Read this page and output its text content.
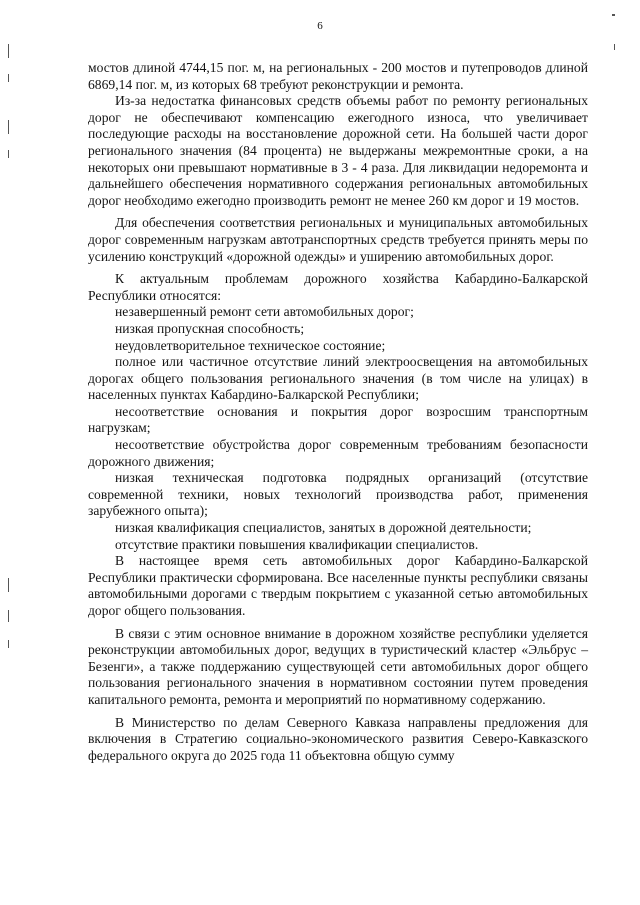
6

мостов длиной 4744,15 пог. м, на региональных - 200 мостов и путепроводов длиной 6869,14 пог. м, из которых 68 требуют реконструкции и ремонта.

Из-за недостатка финансовых средств объемы работ по ремонту региональных дорог не обеспечивают компенсацию ежегодного износа, что увеличивает последующие расходы на восстановление дорожной сети. На большей части дорог регионального значения (84 процента) не выдержаны межремонтные сроки, а на некоторых они превышают нормативные в 3 - 4 раза. Для ликвидации недоремонта и дальнейшего обеспечения нормативного содержания региональных автомобильных дорог необходимо ежегодно производить ремонт не менее 260 км дорог и 19 мостов.

Для обеспечения соответствия региональных и муниципальных автомобильных дорог современным нагрузкам автотранспортных средств требуется принять меры по усилению конструкций «дорожной одежды» и уширению автомобильных дорог.

К актуальным проблемам дорожного хозяйства Кабардино-Балкарской Республики относятся:

незавершенный ремонт сети автомобильных дорог;

низкая пропускная способность;

неудовлетворительное техническое состояние;

полное или частичное отсутствие линий электроосвещения на автомобильных дорогах общего пользования регионального значения (в том числе на улицах) в населенных пунктах Кабардино-Балкарской Республики;

несоответствие основания и покрытия дорог возросшим транспортным нагрузкам;

несоответствие обустройства дорог современным требованиям безопасности дорожного движения;

низкая техническая подготовка подрядных организаций (отсутствие современной техники, новых технологий производства работ, применения зарубежного опыта);

низкая квалификация специалистов, занятых в дорожной деятельности;

отсутствие практики повышения квалификации специалистов.

В настоящее время сеть автомобильных дорог Кабардино-Балкарской Республики практически сформирована. Все населенные пункты республики связаны автомобильными дорогами с твердым покрытием с указанной сетью автомобильных дорог общего пользования.

В связи с этим основное внимание в дорожном хозяйстве республики уделяется реконструкции автомобильных дорог, ведущих в туристический кластер «Эльбрус – Безенги», а также поддержанию существующей сети автомобильных дорог общего пользования регионального значения в нормативном состоянии путем проведения капитального ремонта, ремонта и мероприятий по нормативному содержанию.

В Министерство по делам Северного Кавказа направлены предложения для включения в Стратегию социально-экономического развития Северо-Кавказского федерального округа до 2025 года 11 объектовна общую сумму
